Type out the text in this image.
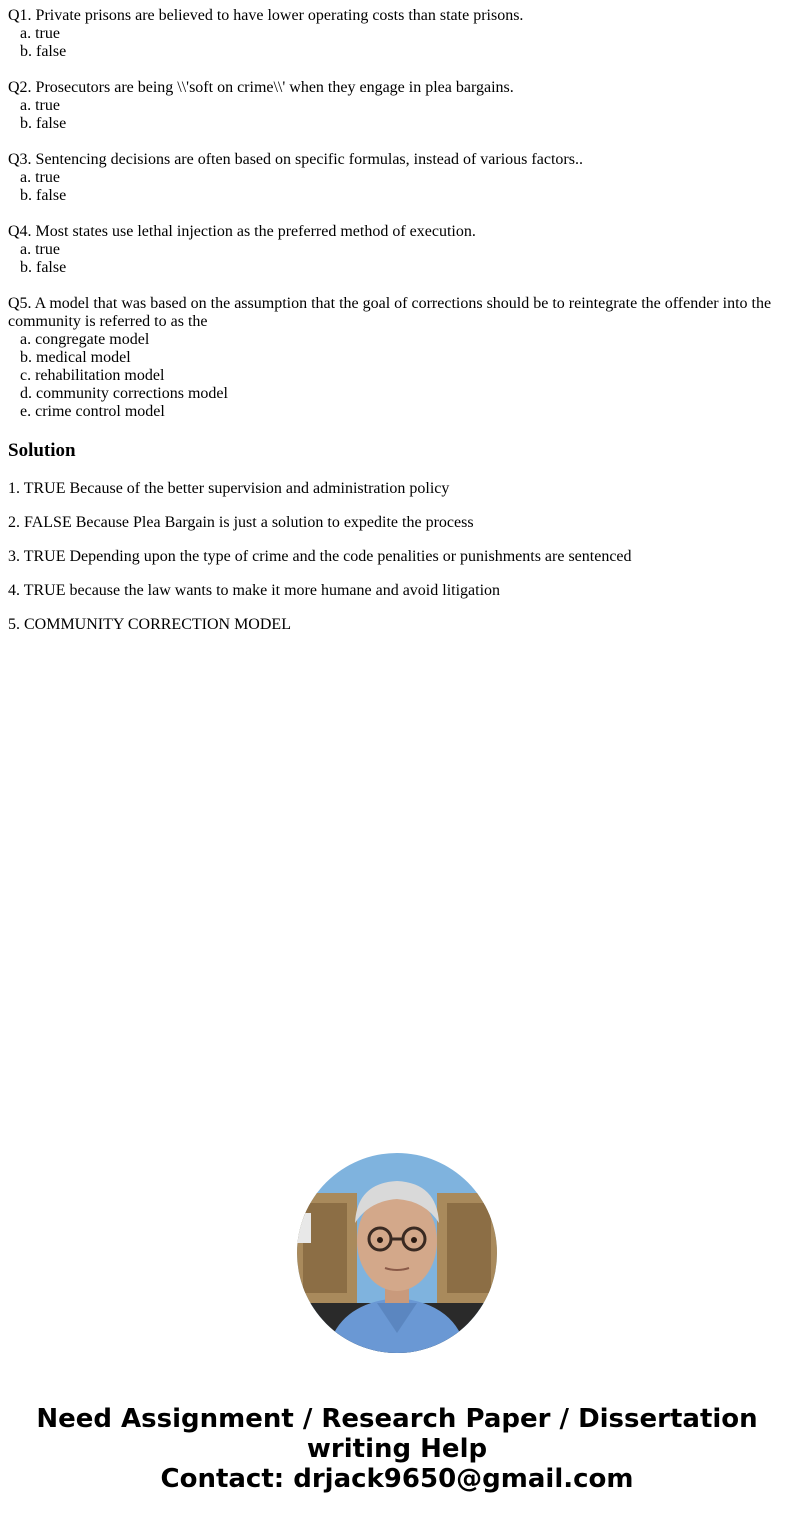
Q1. Private prisons are believed to have lower operating costs than state prisons.
a. true
b. false
Q2. Prosecutors are being \\'soft on crime\\' when they engage in plea bargains.
a. true
b. false
Q3. Sentencing decisions are often based on specific formulas, instead of various factors..
a. true
b. false
Q4. Most states use lethal injection as the preferred method of execution.
a. true
b. false
Q5. A model that was based on the assumption that the goal of corrections should be to reintegrate the offender into the community is referred to as the
a. congregate model
b. medical model
c. rehabilitation model
d. community corrections model
e. crime control model
Solution
1. TRUE Because of the better supervision and administration policy
2. FALSE Because Plea Bargain is just a solution to expedite the process
3. TRUE Depending upon the type of crime and the code penalities or punishments are sentenced
4. TRUE because the law wants to make it more humane and avoid litigation
5. COMMUNITY CORRECTION MODEL
Need Assignment / Research Paper / Dissertation
writing Help
Contact: drjack9650@gmail.com
